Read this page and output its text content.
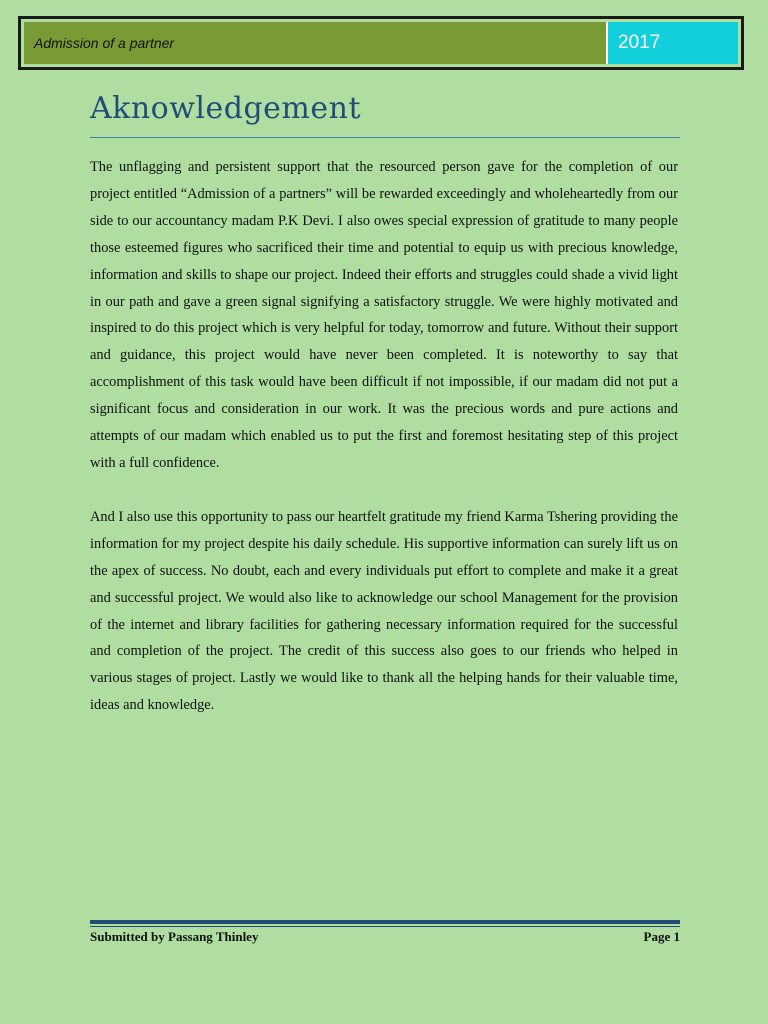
Admission of a partner	2017
Aknowledgement

The unflagging and persistent support that the resourced person gave for the completion of our project entitled “Admission of a partners” will be rewarded exceedingly and wholeheartedly from our side to our accountancy madam P.K Devi. I also owes special expression of gratitude to many people those esteemed figures who sacrificed their time and potential to equip us with precious knowledge, information and skills to shape our project. Indeed their efforts and struggles could shade a vivid light in our path and gave a green signal signifying a satisfactory struggle. We were highly motivated and inspired to do this project which is very helpful for today, tomorrow and future. Without their support and guidance, this project would have never been completed. It is noteworthy to say that accomplishment of this task would have been difficult if not impossible, if our madam did not put a significant focus and consideration in our work. It was the precious words and pure actions and attempts of our madam which enabled us to put the first and foremost hesitating step of this project with a full confidence.

And I also use this opportunity to pass our heartfelt gratitude my friend Karma Tshering providing the information for my project despite his daily schedule. His supportive information can surely lift us on the apex of success. No doubt, each and every individuals put effort to complete and make it a great and successful project. We would also like to acknowledge our school Management for the provision of the internet and library facilities for gathering necessary information required for the successful and completion of the project. The credit of this success also goes to our friends who helped in various stages of project. Lastly we would like to thank all the helping hands for their valuable time, ideas and knowledge.

Submitted by Passang Thinley	Page 1
